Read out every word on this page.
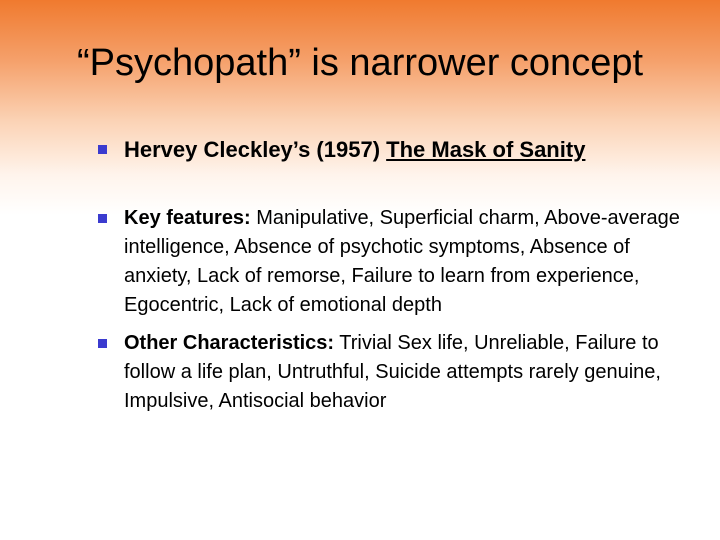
“Psychopath” is narrower concept
Hervey Cleckley’s (1957) The Mask of Sanity
Key features: Manipulative, Superficial charm, Above-average intelligence, Absence of psychotic symptoms, Absence of anxiety, Lack of remorse, Failure to learn from experience, Egocentric, Lack of emotional depth
Other Characteristics: Trivial Sex life, Unreliable, Failure to follow a life plan, Untruthful, Suicide attempts rarely genuine, Impulsive, Antisocial behavior
